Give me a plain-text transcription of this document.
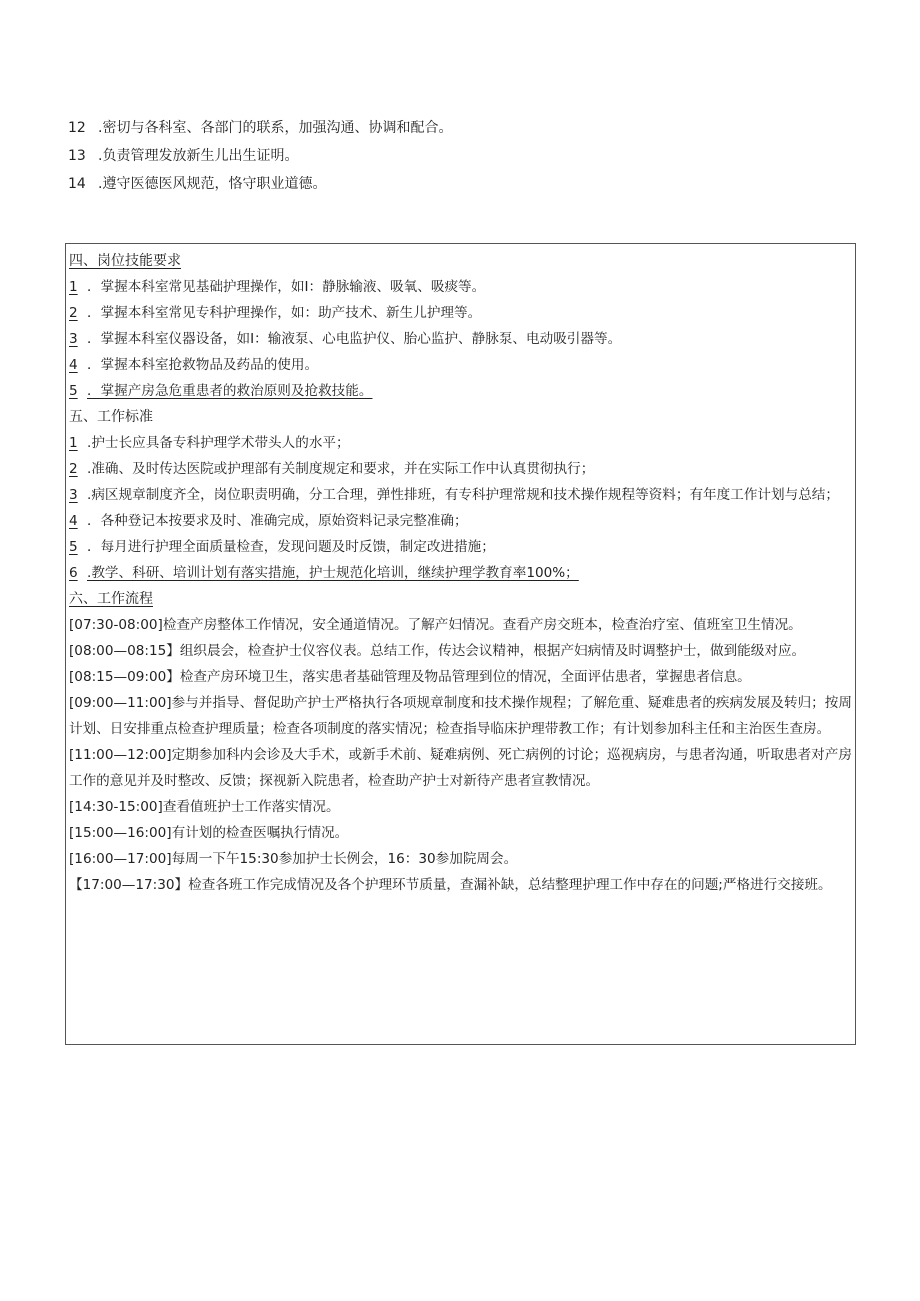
12 .密切与各科室、各部门的联系，加强沟通、协调和配合。
13 .负责管理发放新生儿出生证明。
14 .遵守医德医风规范，恪守职业道德。
四、岗位技能要求
1 ．掌握本科室常见基础护理操作，如I：静脉输液、吸氧、吸痰等。
2 ．掌握本科室常见专科护理操作，如：助产技术、新生儿护理等。
3 ．掌握本科室仪器设备，如I：输液泵、心电监护仪、胎心监护、静脉泵、电动吸引器等。
4 ．掌握本科室抢救物品及药品的使用。
5 ．掌握产房急危重患者的救治原则及抢救技能。
五、工作标准
1 .护士长应具备专科护理学术带头人的水平；
2 .准确、及时传达医院或护理部有关制度规定和要求，并在实际工作中认真贯彻执行；
3 .病区规章制度齐全，岗位职责明确，分工合理，弹性排班，有专科护理常规和技术操作规程等资料；有年度工作计划与总结；
4 ．各种登记本按要求及时、准确完成，原始资料记录完整准确；
5 ．每月进行护理全面质量检查，发现问题及时反馈，制定改进措施；
6 .教学、科研、培训计划有落实措施，护士规范化培训，继续护理学教育率100%；
六、工作流程
[07:30-08:00]检查产房整体工作情况，安全通道情况。了解产妇情况。查看产房交班本，检查治疗室、值班室卫生情况。
[08:00—08:15】组织晨会，检查护士仪容仪表。总结工作，传达会议精神，根据产妇病情及时调整护士，做到能级对应。
[08:15—09:00】检查产房环境卫生，落实患者基础管理及物品管理到位的情况，全面评估患者，掌握患者信息。
[09:00—11:00]参与并指导、督促助产护士严格执行各项规章制度和技术操作规程；了解危重、疑难患者的疾病发展及转归；按周计划、日安排重点检查护理质量；检查各项制度的落实情况；检查指导临床护理带教工作；有计划参加科主任和主治医生查房。
[11:00—12:00]定期参加科内会诊及大手术，或新手术前、疑难病例、死亡病例的讨论；巡视病房，与患者沟通，听取患者对产房工作的意见并及时整改、反馈；探视新入院患者，检查助产护士对新待产患者宣教情况。
[14:30-15:00]查看值班护士工作落实情况。
[15:00—16:00]有计划的检查医嘱执行情况。
[16:00—17:00]每周一下午15:30参加护士长例会，16：30参加院周会。
【17:00—17:30】检查各班工作完成情况及各个护理环节质量，查漏补缺，总结整理护理工作中存在的问题;严格进行交接班。
